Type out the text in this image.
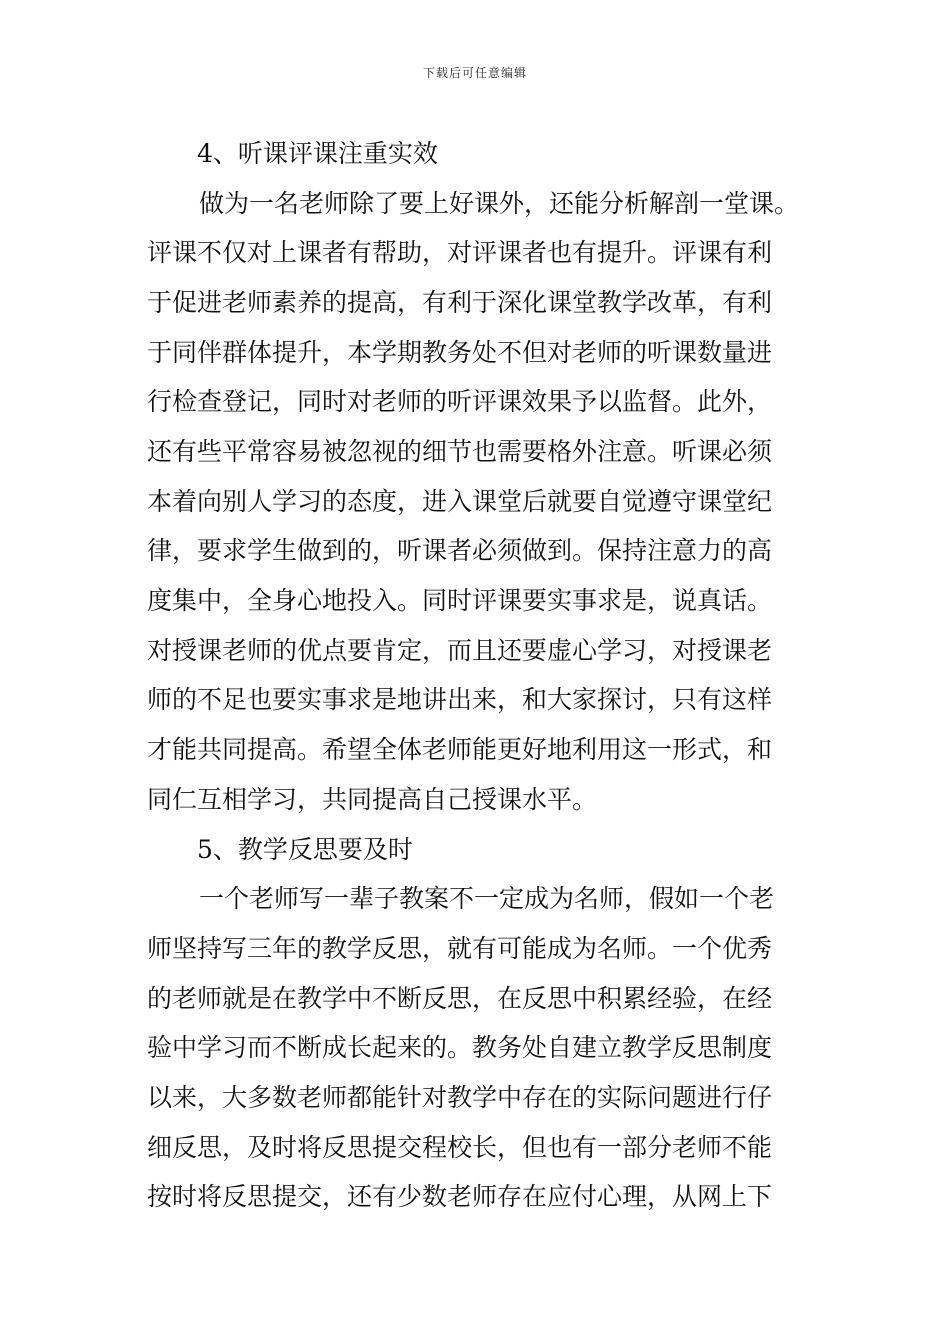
下载后可任意编辑
4、听课评课注重实效
做为一名老师除了要上好课外，还能分析解剖一堂课。
评课不仅对上课者有帮助，对评课者也有提升。评课有利
于促进老师素养的提高，有利于深化课堂教学改革，有利
于同伴群体提升，本学期教务处不但对老师的听课数量进
行检查登记，同时对老师的听评课效果予以监督。此外，
还有些平常容易被忽视的细节也需要格外注意。听课必须
本着向别人学习的态度，进入课堂后就要自觉遵守课堂纪
律，要求学生做到的，听课者必须做到。保持注意力的高
度集中，全身心地投入。同时评课要实事求是，说真话。
对授课老师的优点要肯定，而且还要虚心学习，对授课老
师的不足也要实事求是地讲出来，和大家探讨，只有这样
才能共同提高。希望全体老师能更好地利用这一形式，和
同仁互相学习，共同提高自己授课水平。
5、教学反思要及时
一个老师写一辈子教案不一定成为名师，假如一个老
师坚持写三年的教学反思，就有可能成为名师。一个优秀
的老师就是在教学中不断反思，在反思中积累经验，在经
验中学习而不断成长起来的。教务处自建立教学反思制度
以来，大多数老师都能针对教学中存在的实际问题进行仔
细反思，及时将反思提交程校长，但也有一部分老师不能
按时将反思提交，还有少数老师存在应付心理，从网上下
